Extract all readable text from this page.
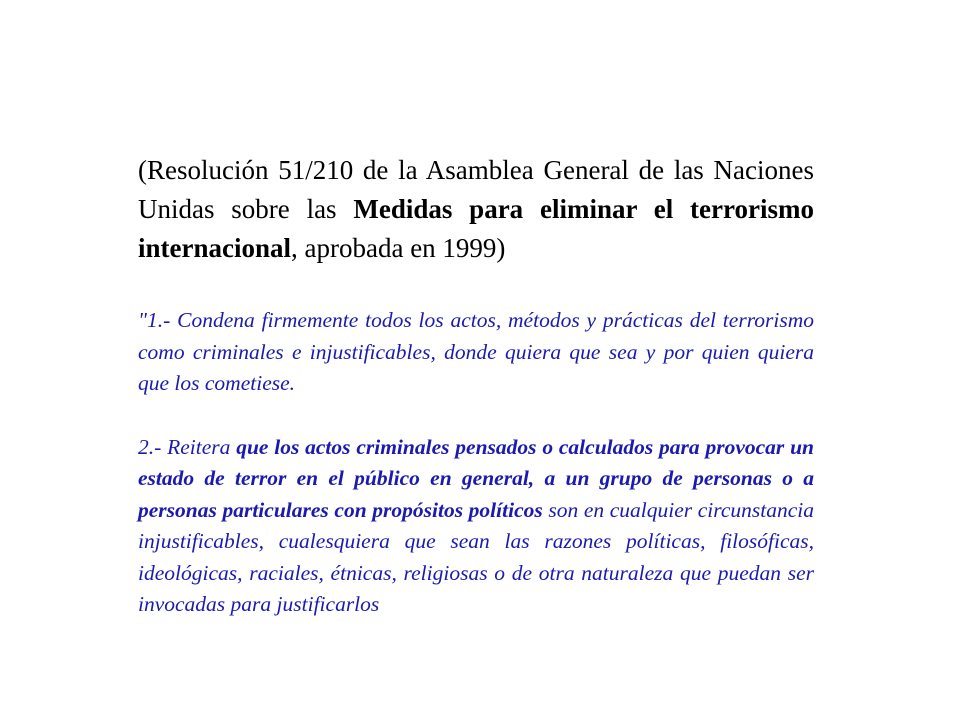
(Resolución 51/210 de la Asamblea General de las Naciones Unidas sobre las Medidas para eliminar el terrorismo internacional, aprobada en 1999)

"1.- Condena firmemente todos los actos, métodos y prácticas del terrorismo como criminales e injustificables, donde quiera que sea y por quien quiera que los cometiese.

2.- Reitera que los actos criminales pensados o calculados para provocar un estado de terror en el público en general, a un grupo de personas o a personas particulares con propósitos políticos son en cualquier circunstancia injustificables, cualesquiera que sean las razones políticas, filosóficas, ideológicas, raciales, étnicas, religiosas o de otra naturaleza que puedan ser invocadas para justificarlos
